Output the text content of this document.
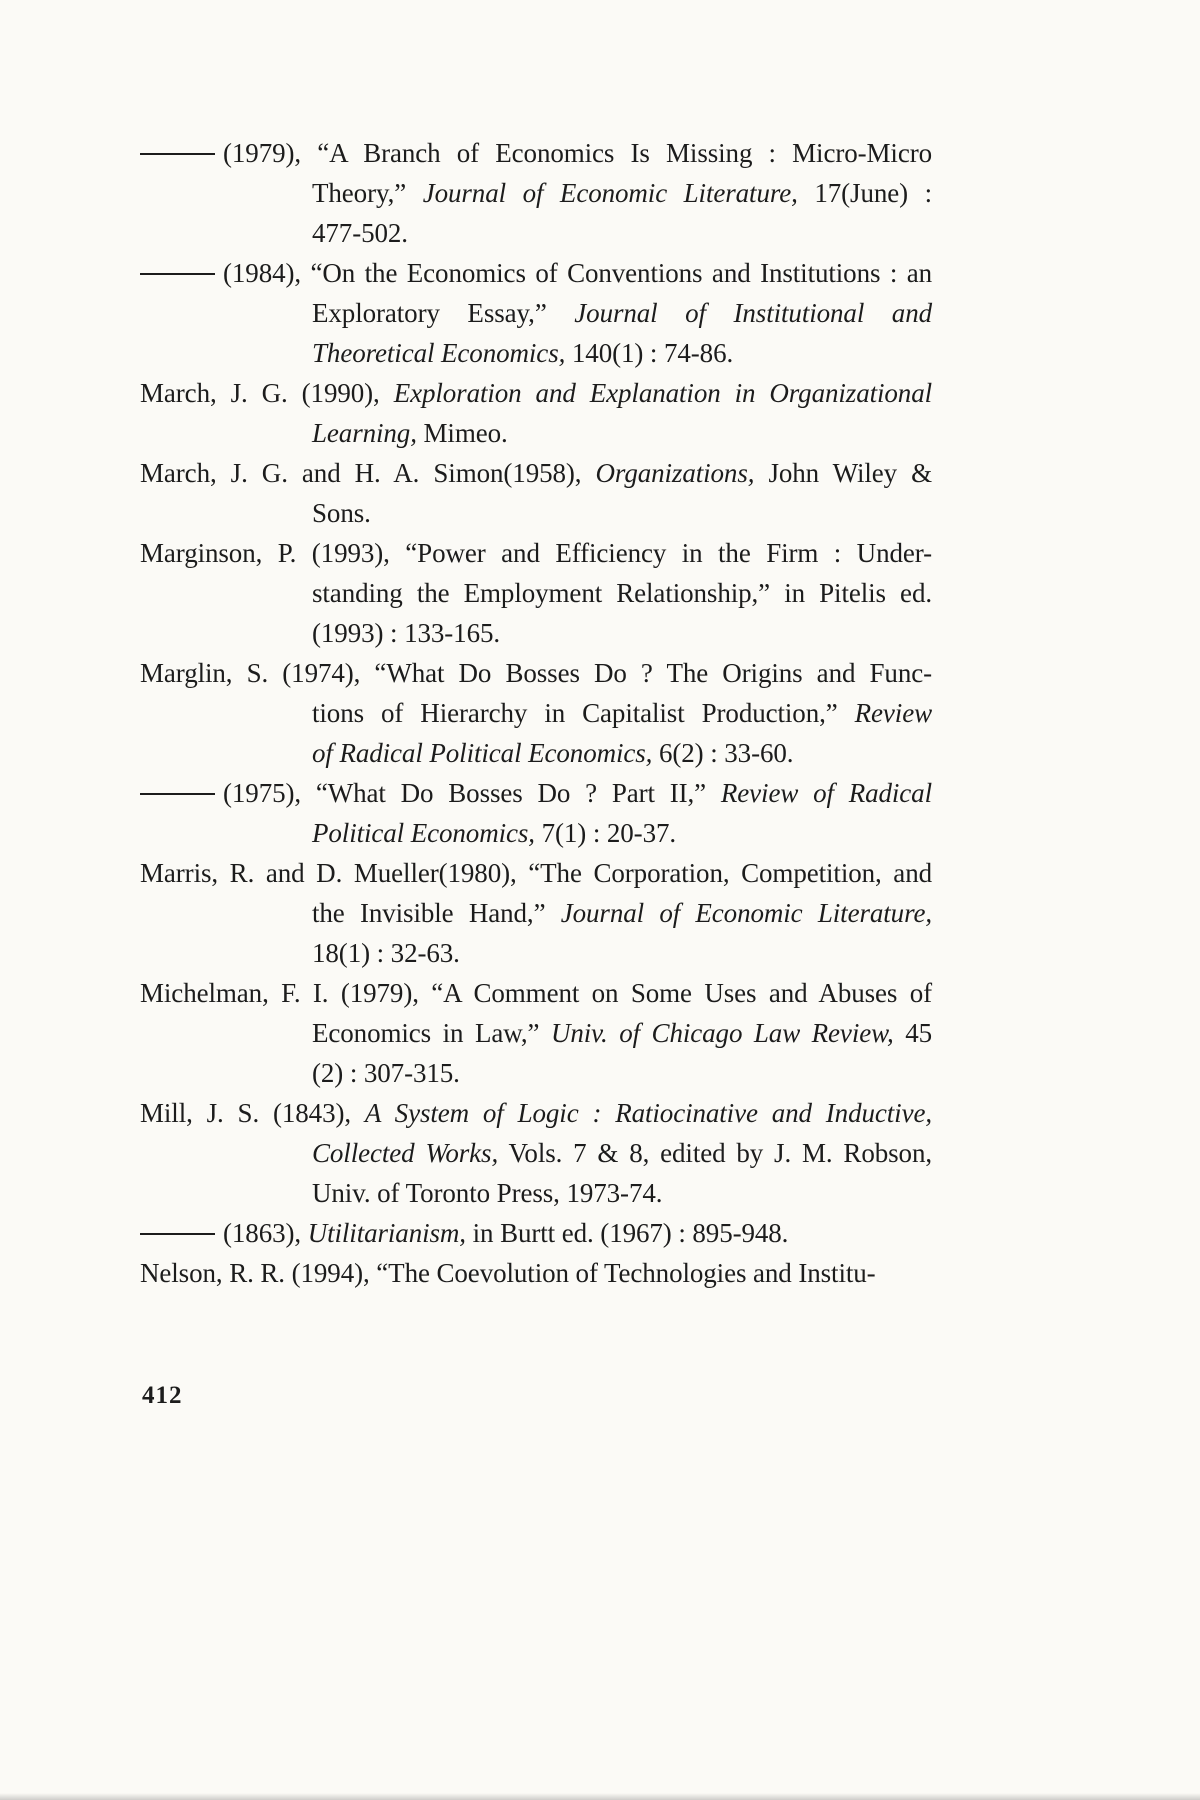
(1979), “A Branch of Economics Is Missing : Micro-Micro
Theory,” Journal of Economic Literature, 17(June) :
477-502.
(1984), “On the Economics of Conventions and Institutions : an
Exploratory Essay,” Journal of Institutional and
Theoretical Economics, 140(1) : 74-86.
March, J. G. (1990), Exploration and Explanation in Organizational
Learning, Mimeo.
March, J. G. and H. A. Simon(1958), Organizations, John Wiley &
Sons.
Marginson, P. (1993), “Power and Efficiency in the Firm : Under-
standing the Employment Relationship,” in Pitelis ed.
(1993) : 133-165.
Marglin, S. (1974), “What Do Bosses Do ? The Origins and Func-
tions of Hierarchy in Capitalist Production,” Review
of Radical Political Economics, 6(2) : 33-60.
(1975), “What Do Bosses Do ? Part II,” Review of Radical
Political Economics, 7(1) : 20-37.
Marris, R. and D. Mueller(1980), “The Corporation, Competition, and
the Invisible Hand,” Journal of Economic Literature,
18(1) : 32-63.
Michelman, F. I. (1979), “A Comment on Some Uses and Abuses of
Economics in Law,” Univ. of Chicago Law Review, 45
(2) : 307-315.
Mill, J. S. (1843), A System of Logic : Ratiocinative and Inductive,
Collected Works, Vols. 7 & 8, edited by J. M. Robson,
Univ. of Toronto Press, 1973-74.
(1863), Utilitarianism, in Burtt ed. (1967) : 895-948.
Nelson, R. R. (1994), “The Coevolution of Technologies and Institu-
412
